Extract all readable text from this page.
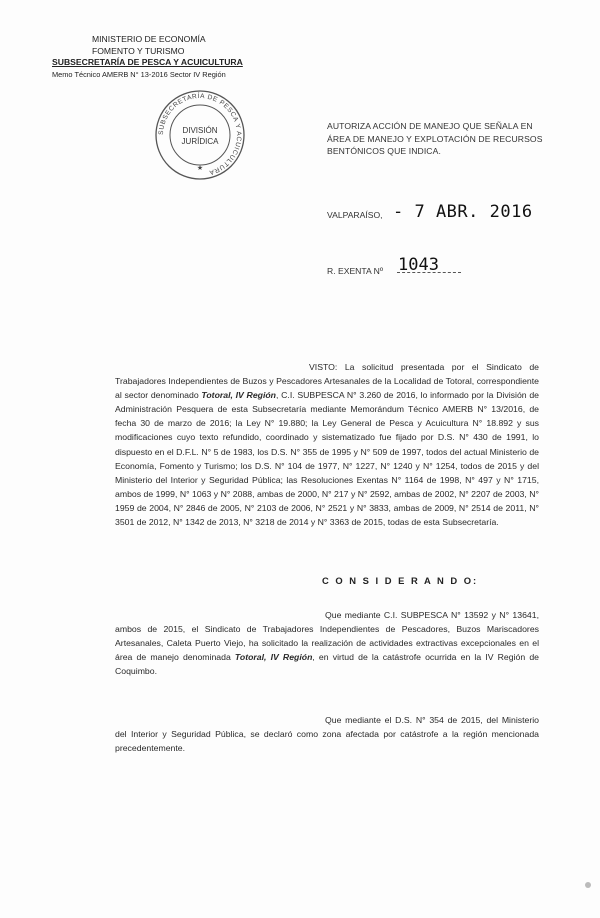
MINISTERIO DE ECONOMÍA
FOMENTO Y TURISMO
SUBSECRETARÍA DE PESCA Y ACUICULTURA
Memo Técnico AMERB N° 13-2016 Sector IV Región
SUBSECRETARÍA DE PESCA Y ACUICULTURA
DIVISIÓN
JURÍDICA
★
AUTORIZA ACCIÓN DE MANEJO QUE SEÑALA EN
ÁREA DE MANEJO Y EXPLOTACIÓN DE RECURSOS
BENTÓNICOS QUE INDICA.
VALPARAÍSO, - 7 ABR. 2016
R. EXENTA Nº 1043
VISTO: La solicitud presentada por el Sindicato de Trabajadores Independientes de Buzos y Pescadores Artesanales de la Localidad de Totoral, correspondiente al sector denominado Totoral, IV Región, C.I. SUBPESCA N° 3.260 de 2016, lo informado por la División de Administración Pesquera de esta Subsecretaría mediante Memorándum Técnico AMERB N° 13/2016, de fecha 30 de marzo de 2016; la Ley N° 19.880; la Ley General de Pesca y Acuicultura N° 18.892 y sus modificaciones cuyo texto refundido, coordinado y sistematizado fue fijado por D.S. N° 430 de 1991, lo dispuesto en el D.F.L. N° 5 de 1983, los D.S. N° 355 de 1995 y N° 509 de 1997, todos del actual Ministerio de Economía, Fomento y Turismo; los D.S. N° 104 de 1977, N° 1227, N° 1240 y N° 1254, todos de 2015 y del Ministerio del Interior y Seguridad Pública; las Resoluciones Exentas N° 1164 de 1998, N° 497 y N° 1715, ambos de 1999, N° 1063 y N° 2088, ambas de 2000, N° 217 y N° 2592, ambas de 2002, N° 2207 de 2003, N° 1959 de 2004, N° 2846 de 2005, N° 2103 de 2006, N° 2521 y N° 3833, ambas de 2009, N° 2514 de 2011, N° 3501 de 2012, N° 1342 de 2013, N° 3218 de 2014 y N° 3363 de 2015, todas de esta Subsecretaría.
C O N S I D E R A N D O:
Que mediante C.I. SUBPESCA N° 13592 y N° 13641, ambos de 2015, el Sindicato de Trabajadores Independientes de Pescadores, Buzos Mariscadores Artesanales, Caleta Puerto Viejo, ha solicitado la realización de actividades extractivas excepcionales en el área de manejo denominada Totoral, IV Región, en virtud de la catástrofe ocurrida en la IV Región de Coquimbo.
Que mediante el D.S. N° 354 de 2015, del Ministerio del Interior y Seguridad Pública, se declaró como zona afectada por catástrofe a la región mencionada precedentemente.
